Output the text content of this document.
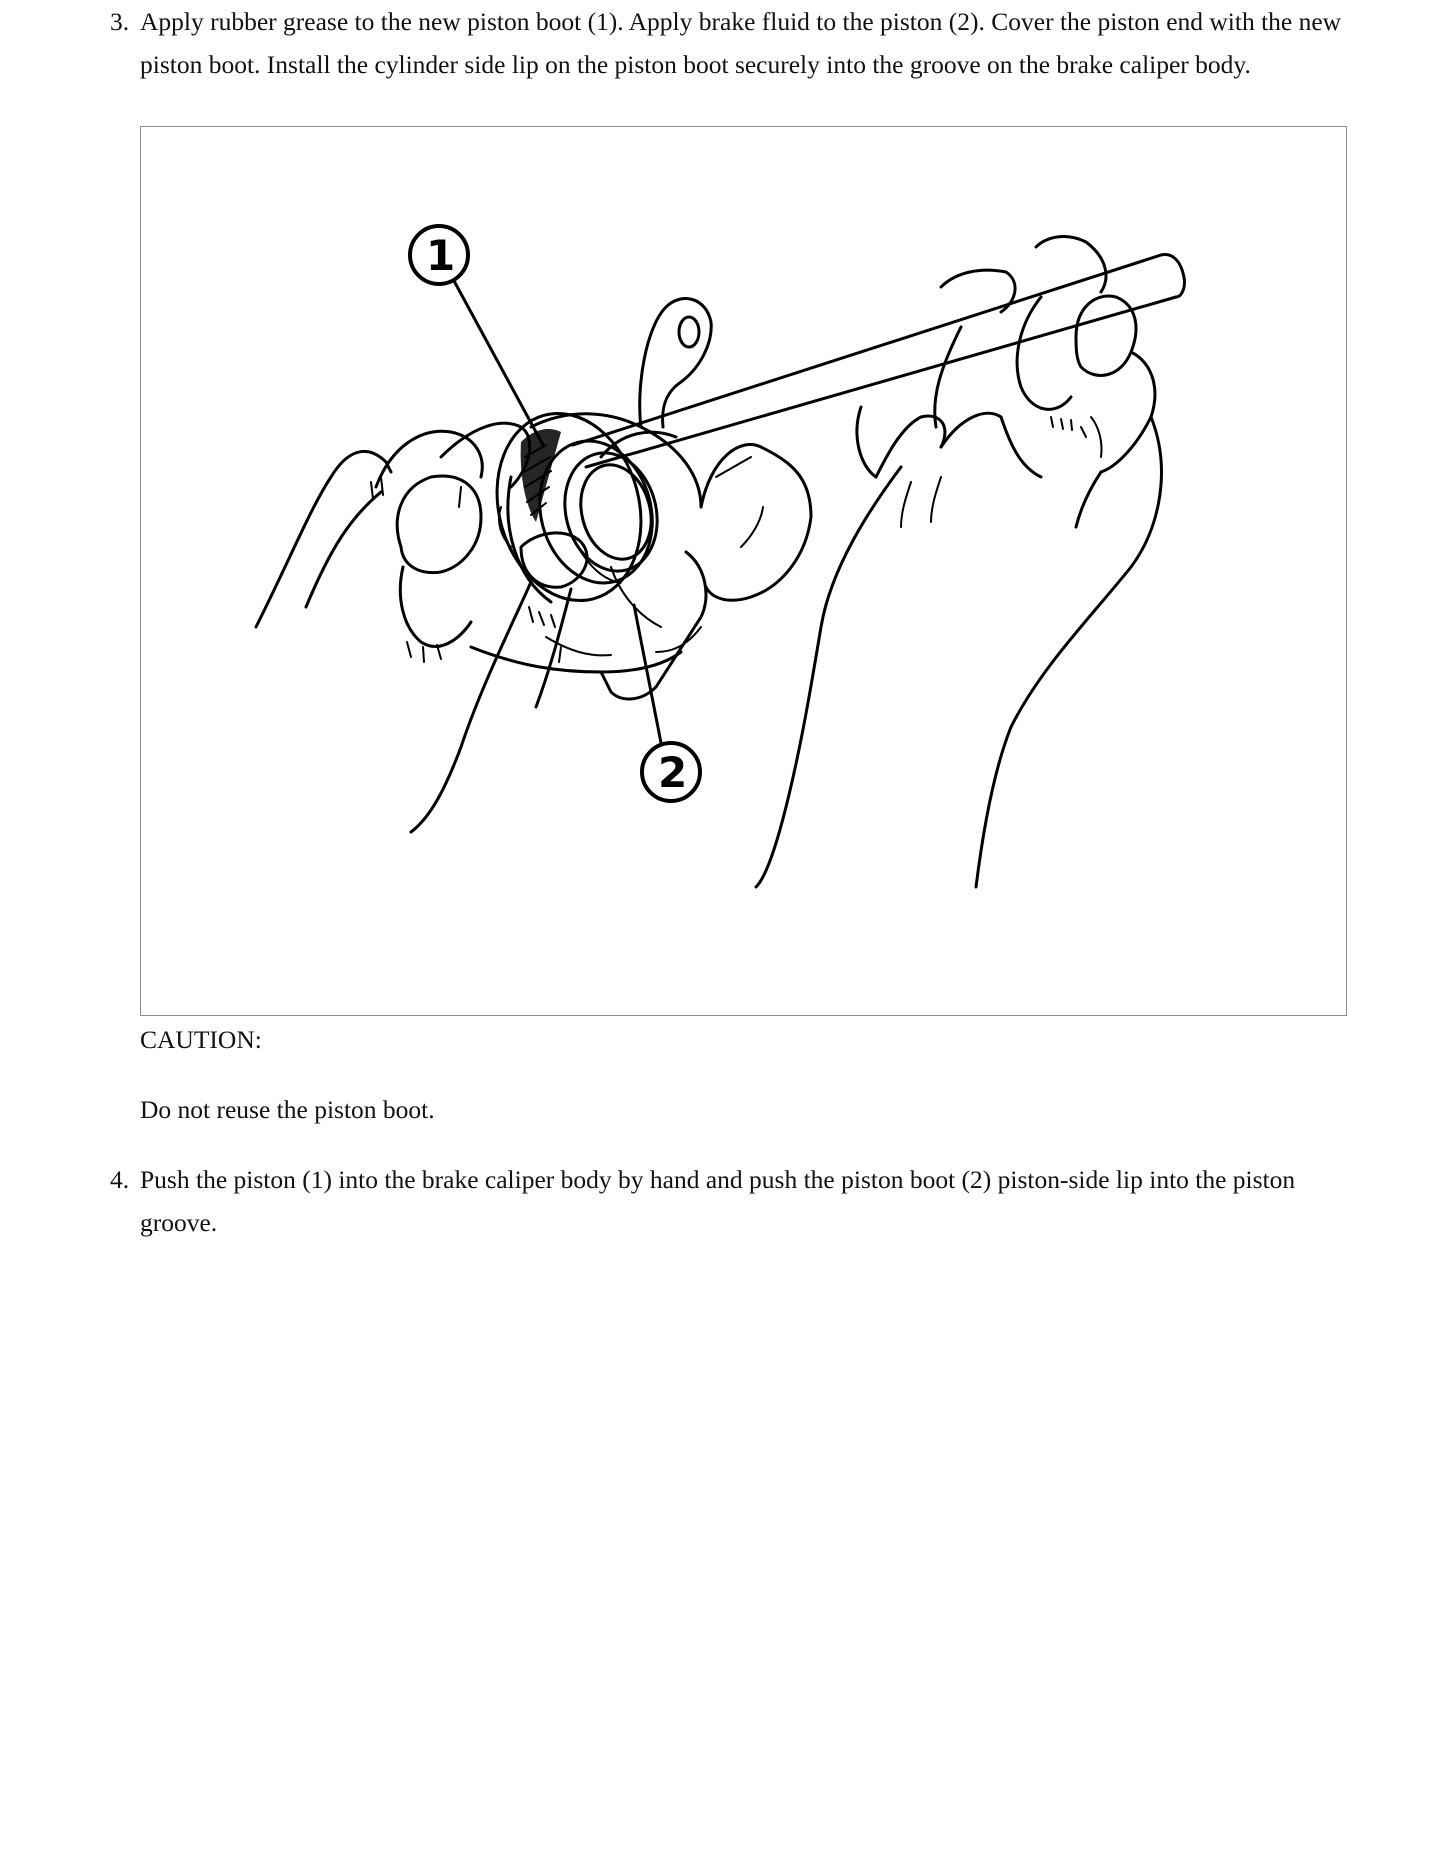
3. Apply rubber grease to the new piston boot (1). Apply brake fluid to the piston (2). Cover the piston end with the new piston boot. Install the cylinder side lip on the piston boot securely into the groove on the brake caliper body.
1
2
CAUTION:
Do not reuse the piston boot.
4. Push the piston (1) into the brake caliper body by hand and push the piston boot (2) piston-side lip into the piston groove.
